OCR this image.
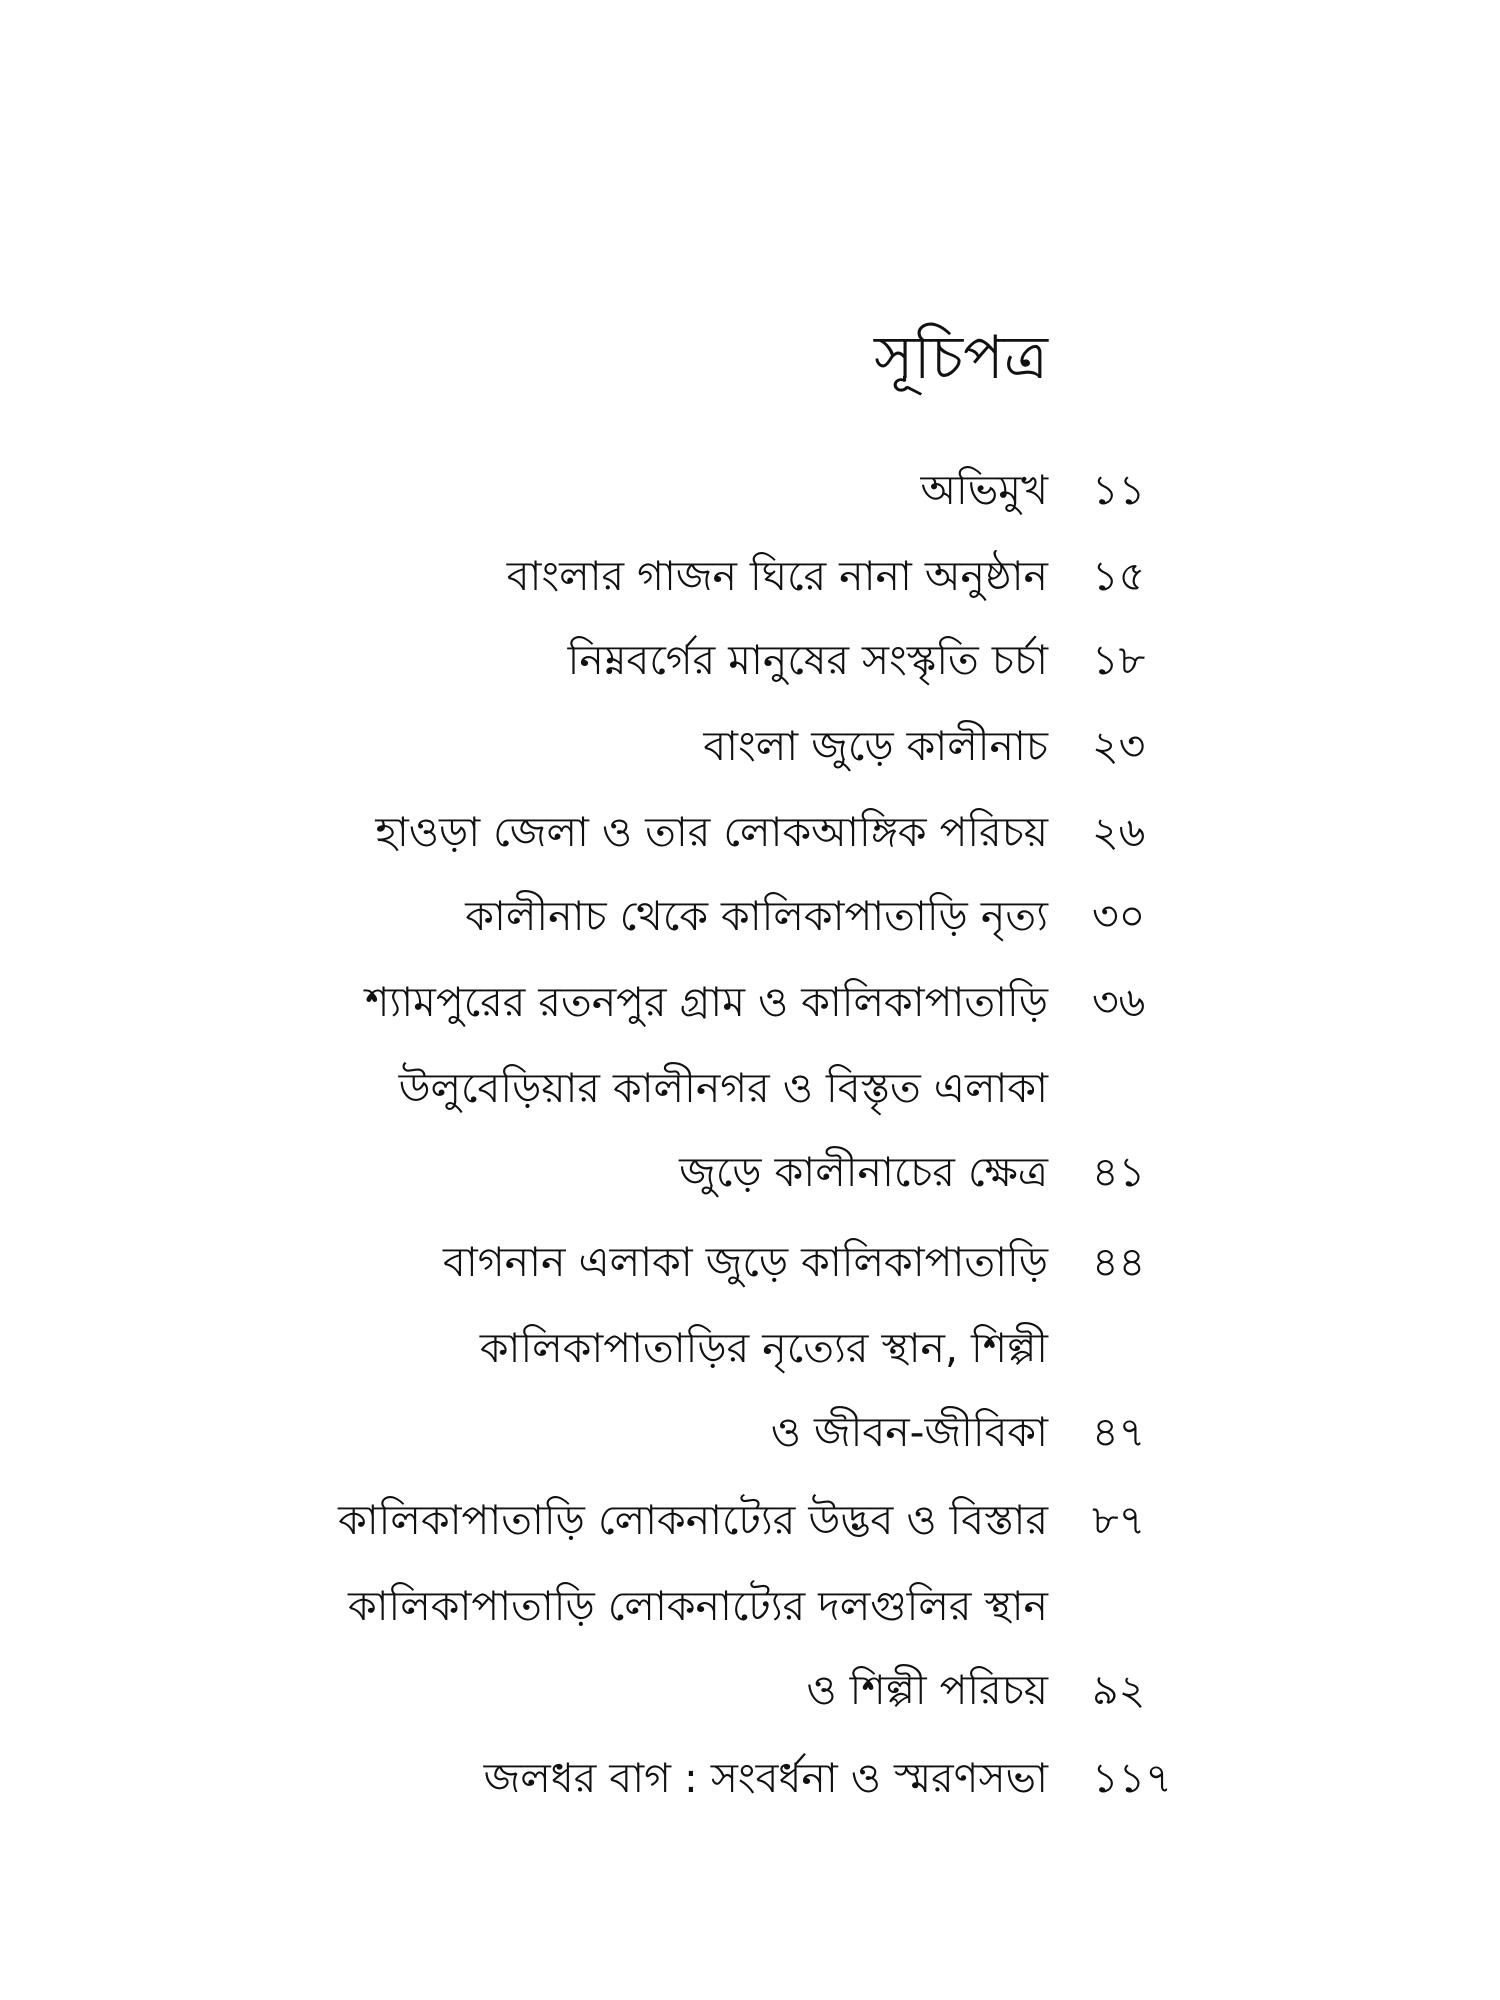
সূচিপত্র
অভিমুখ ১১
বাংলার গাজন ঘিরে নানা অনুষ্ঠান ১৫
নিম্নবর্গের মানুষের সংস্কৃতি চর্চা ১৮
বাংলা জুড়ে কালীনাচ ২৩
হাওড়া জেলা ও তার লোকআঙ্গিক পরিচয় ২৬
কালীনাচ থেকে কালিকাপাতাড়ি নৃত্য ৩০
শ্যামপুরের রতনপুর গ্রাম ও কালিকাপাতাড়ি ৩৬
উলুবেড়িয়ার কালীনগর ও বিস্তৃত এলাকা
জুড়ে কালীনাচের ক্ষেত্র ৪১
বাগনান এলাকা জুড়ে কালিকাপাতাড়ি ৪৪
কালিকাপাতাড়ির নৃত্যের স্থান, শিল্পী
ও জীবন-জীবিকা ৪৭
কালিকাপাতাড়ি লোকনাট্যের উদ্ভব ও বিস্তার ৮৭
কালিকাপাতাড়ি লোকনাট্যের দলগুলির স্থান
ও শিল্পী পরিচয় ৯২
জলধর বাগ : সংবর্ধনা ও স্মরণসভা ১১৭
